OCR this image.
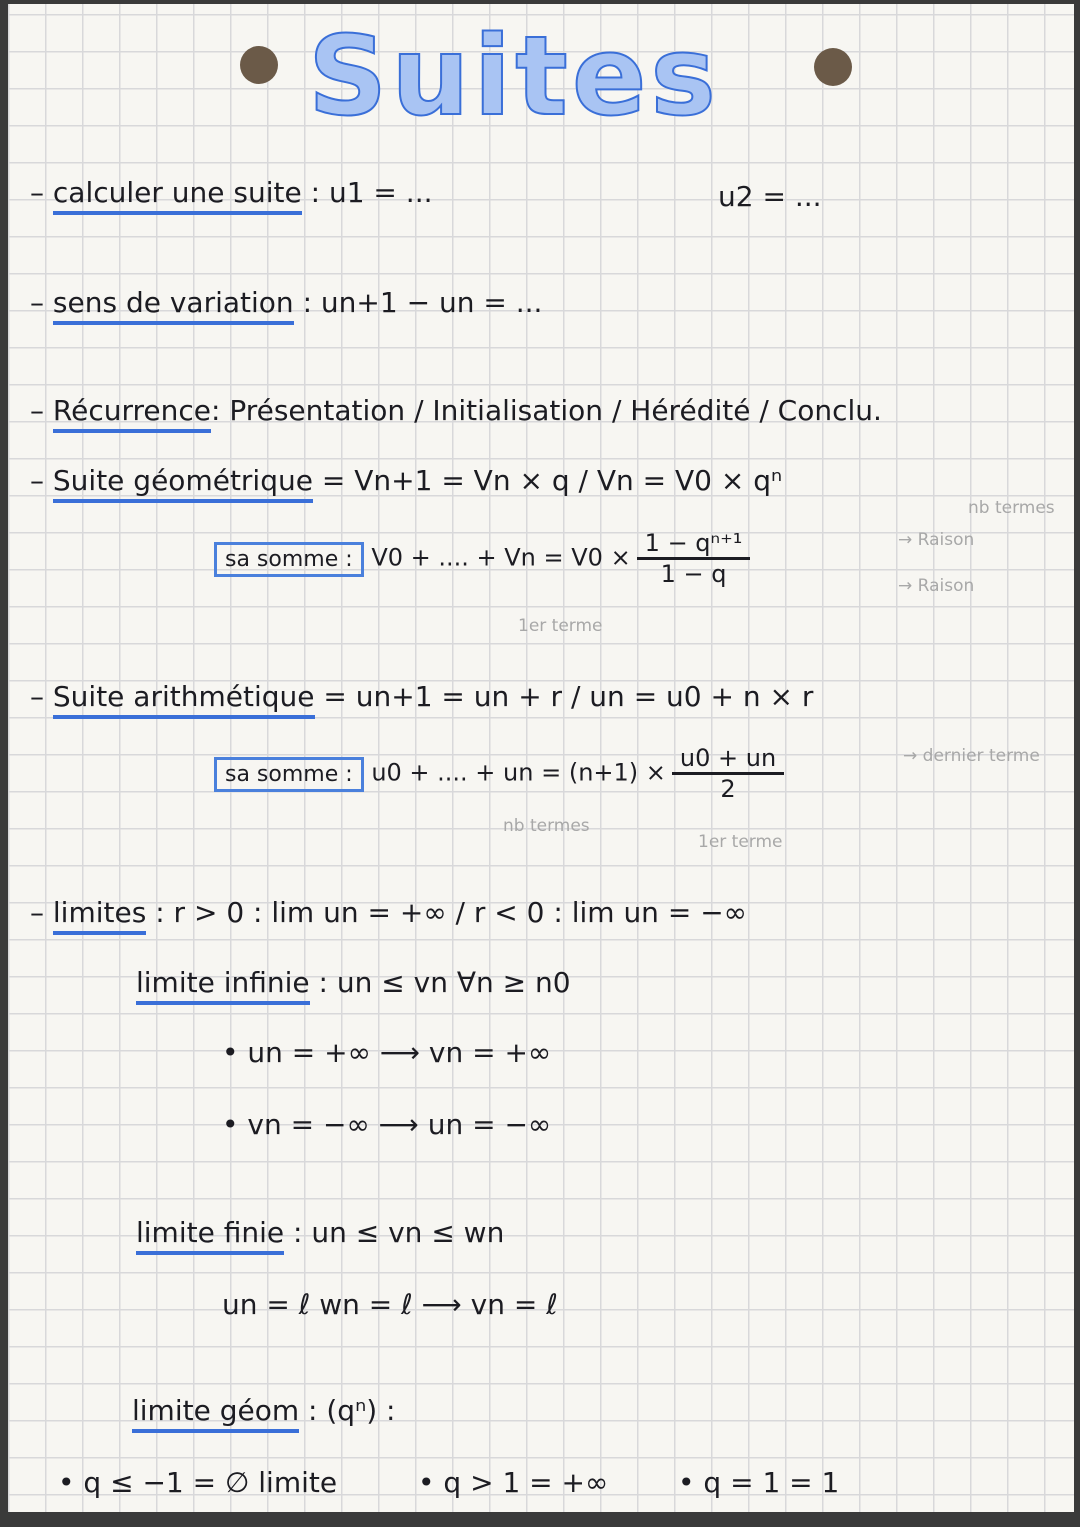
Suites
– calculer une suite : u1 = ...	u2 = ...
– sens de variation : un+1 − un = ...
– Récurrence: Présentation / Initialisation / Hérédité / Conclu.
– Suite géométrique = Vn+1 = Vn × q / Vn = V0 × qⁿ
sa somme : V0 + .... + $Vn = V0 \times \frac{\text{1 − qⁿ⁺¹}}{1 - q}$
nb termes
→ Raison
→ Raison
1er terme
– Suite arithmétique = un+1 = un + r / un = u0 + n × r
sa somme : u0 + .... + un = $(n+1) \times \frac{u0 + un}{2}$	→ dernier terme
nb termes
1er terme
– limites : r > 0 : lim un = +∞ / r < 0 : lim un = −∞
limite infinie : un ≤ vn ∀n ≥ n0
• un = +∞ ⟶ vn = +∞
• vn = −∞ ⟶ un = −∞
limite finie : un ≤ vn ≤ wn
un = ℓ wn = ℓ ⟶ vn = ℓ
limite géom : (qⁿ) :
• q ≤ −1 = ∅ limite	• q > 1 = +∞ • q = 1 = 1
